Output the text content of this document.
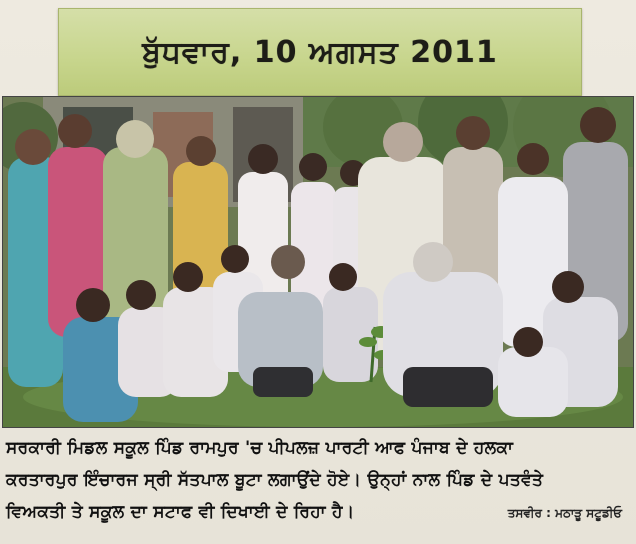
ਬੁੱਧਵਾਰ, 10 ਅਗਸਤ 2011
ਸਰਕਾਰੀ ਮਿਡਲ ਸਕੂਲ ਪਿੰਡ ਰਾਮਪੁਰ 'ਚ ਪੀਪਲਜ਼ ਪਾਰਟੀ ਆਫ ਪੰਜਾਬ ਦੇ ਹਲਕਾ
ਕਰਤਾਰਪੁਰ ਇੰਚਾਰਜ ਸ੍ਰੀ ਸੱਤਪਾਲ ਬੂਟਾ ਲਗਾਉਂਦੇ ਹੋਏ। ਉਨ੍ਹਾਂ ਨਾਲ ਪਿੰਡ ਦੇ ਪਤਵੰਤੇ
ਵਿਅਕਤੀ ਤੇ ਸਕੂਲ ਦਾ ਸਟਾਫ ਵੀ ਦਿਖਾਈ ਦੇ ਰਿਹਾ ਹੈ।	ਤਸਵੀਰ : ਮਠਾੜੂ ਸਟੂਡੀਓ
